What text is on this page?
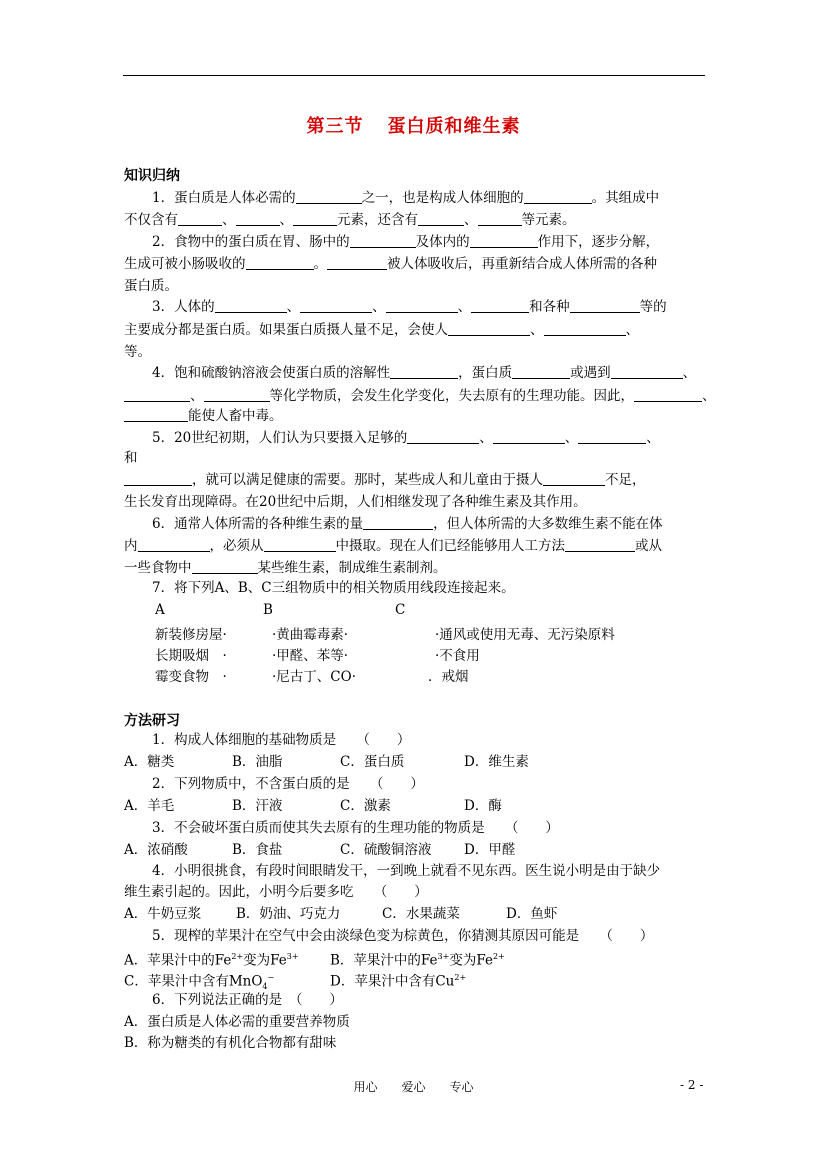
第三节 蛋白质和维生素
知识归纳
1．蛋白质是人体必需的	之一，也是构成人体细胞的	。其组成中
不仅含有	、	、	元素，还含有	、	等元素。
2．食物中的蛋白质在胃、肠中的	及体内的	作用下，逐步分解，
生成可被小肠吸收的	。	被人体吸收后，再重新结合成人体所需的各种
蛋白质。
3．人体的	、	、	、	和各种	等的
主要成分都是蛋白质。如果蛋白质摄人量不足，会使人	、	、
等。
4．饱和硫酸钠溶液会使蛋白质的溶解性	，蛋白质	或遇到	、
、	等化学物质，会发生化学变化，失去原有的生理功能。因此，	、
能使人畜中毒。
5．20世纪初期，人们认为只要摄入足够的	、	、	、
和
，就可以满足健康的需要。那时，某些成人和儿童由于摄人	不足，
生长发育出现障碍。在20世纪中后期，人们相继发现了各种维生素及其作用。
6．通常人体所需的各种维生素的量	，但人体所需的大多数维生素不能在体
内	，必须从	中摄取。现在人们已经能够用人工方法	或从
一些食物中	某些维生素，制成维生素制剂。
7．将下列A、B、C三组物质中的相关物质用线段连接起来。
A	B	C
新装修房屋·	·黄曲霉毒素·	·通风或使用无毒、无污染原料
长期吸烟　·	·甲醛、苯等·	·不食用
霉变食物　·	·尼古丁、CO·	．戒烟
方法研习
1．构成人体细胞的基础物质是　　（　　）
A．糖类	B．油脂	C．蛋白质	D．维生素
2．下列物质中，不含蛋白质的是　　（　　）
A．羊毛	B．汗液	C．激素	D．酶
3．不会破坏蛋白质而使其失去原有的生理功能的物质是　　（　　）
A．浓硝酸	B．食盐	C．硫酸铜溶液 D．甲醛
4．小明很挑食，有段时间眼睛发干，一到晚上就看不见东西。医生说小明是由于缺少
维生素引起的。因此，小明今后要多吃　　（　　）
A．牛奶豆浆	B．奶油、巧克力	C．水果蔬菜	D．鱼虾
5．现榨的苹果汁在空气中会由淡绿色变为棕黄色，你猜测其原因可能是　　（　　）
A．苹果汁中的$Fe^{2+}$变为$Fe^{3+}$ B．苹果汁中的$Fe^{3+}$变为$Fe^{2+}$
C．苹果汁中含有MnO$_4$−	D．苹果汁中含有$Cu^{2+}$
6．下列说法正确的是　（　　）
A．蛋白质是人体必需的重要营养物质
B．称为糖类的有机化合物都有甜味
用心 爱心 专心	- 2 -
